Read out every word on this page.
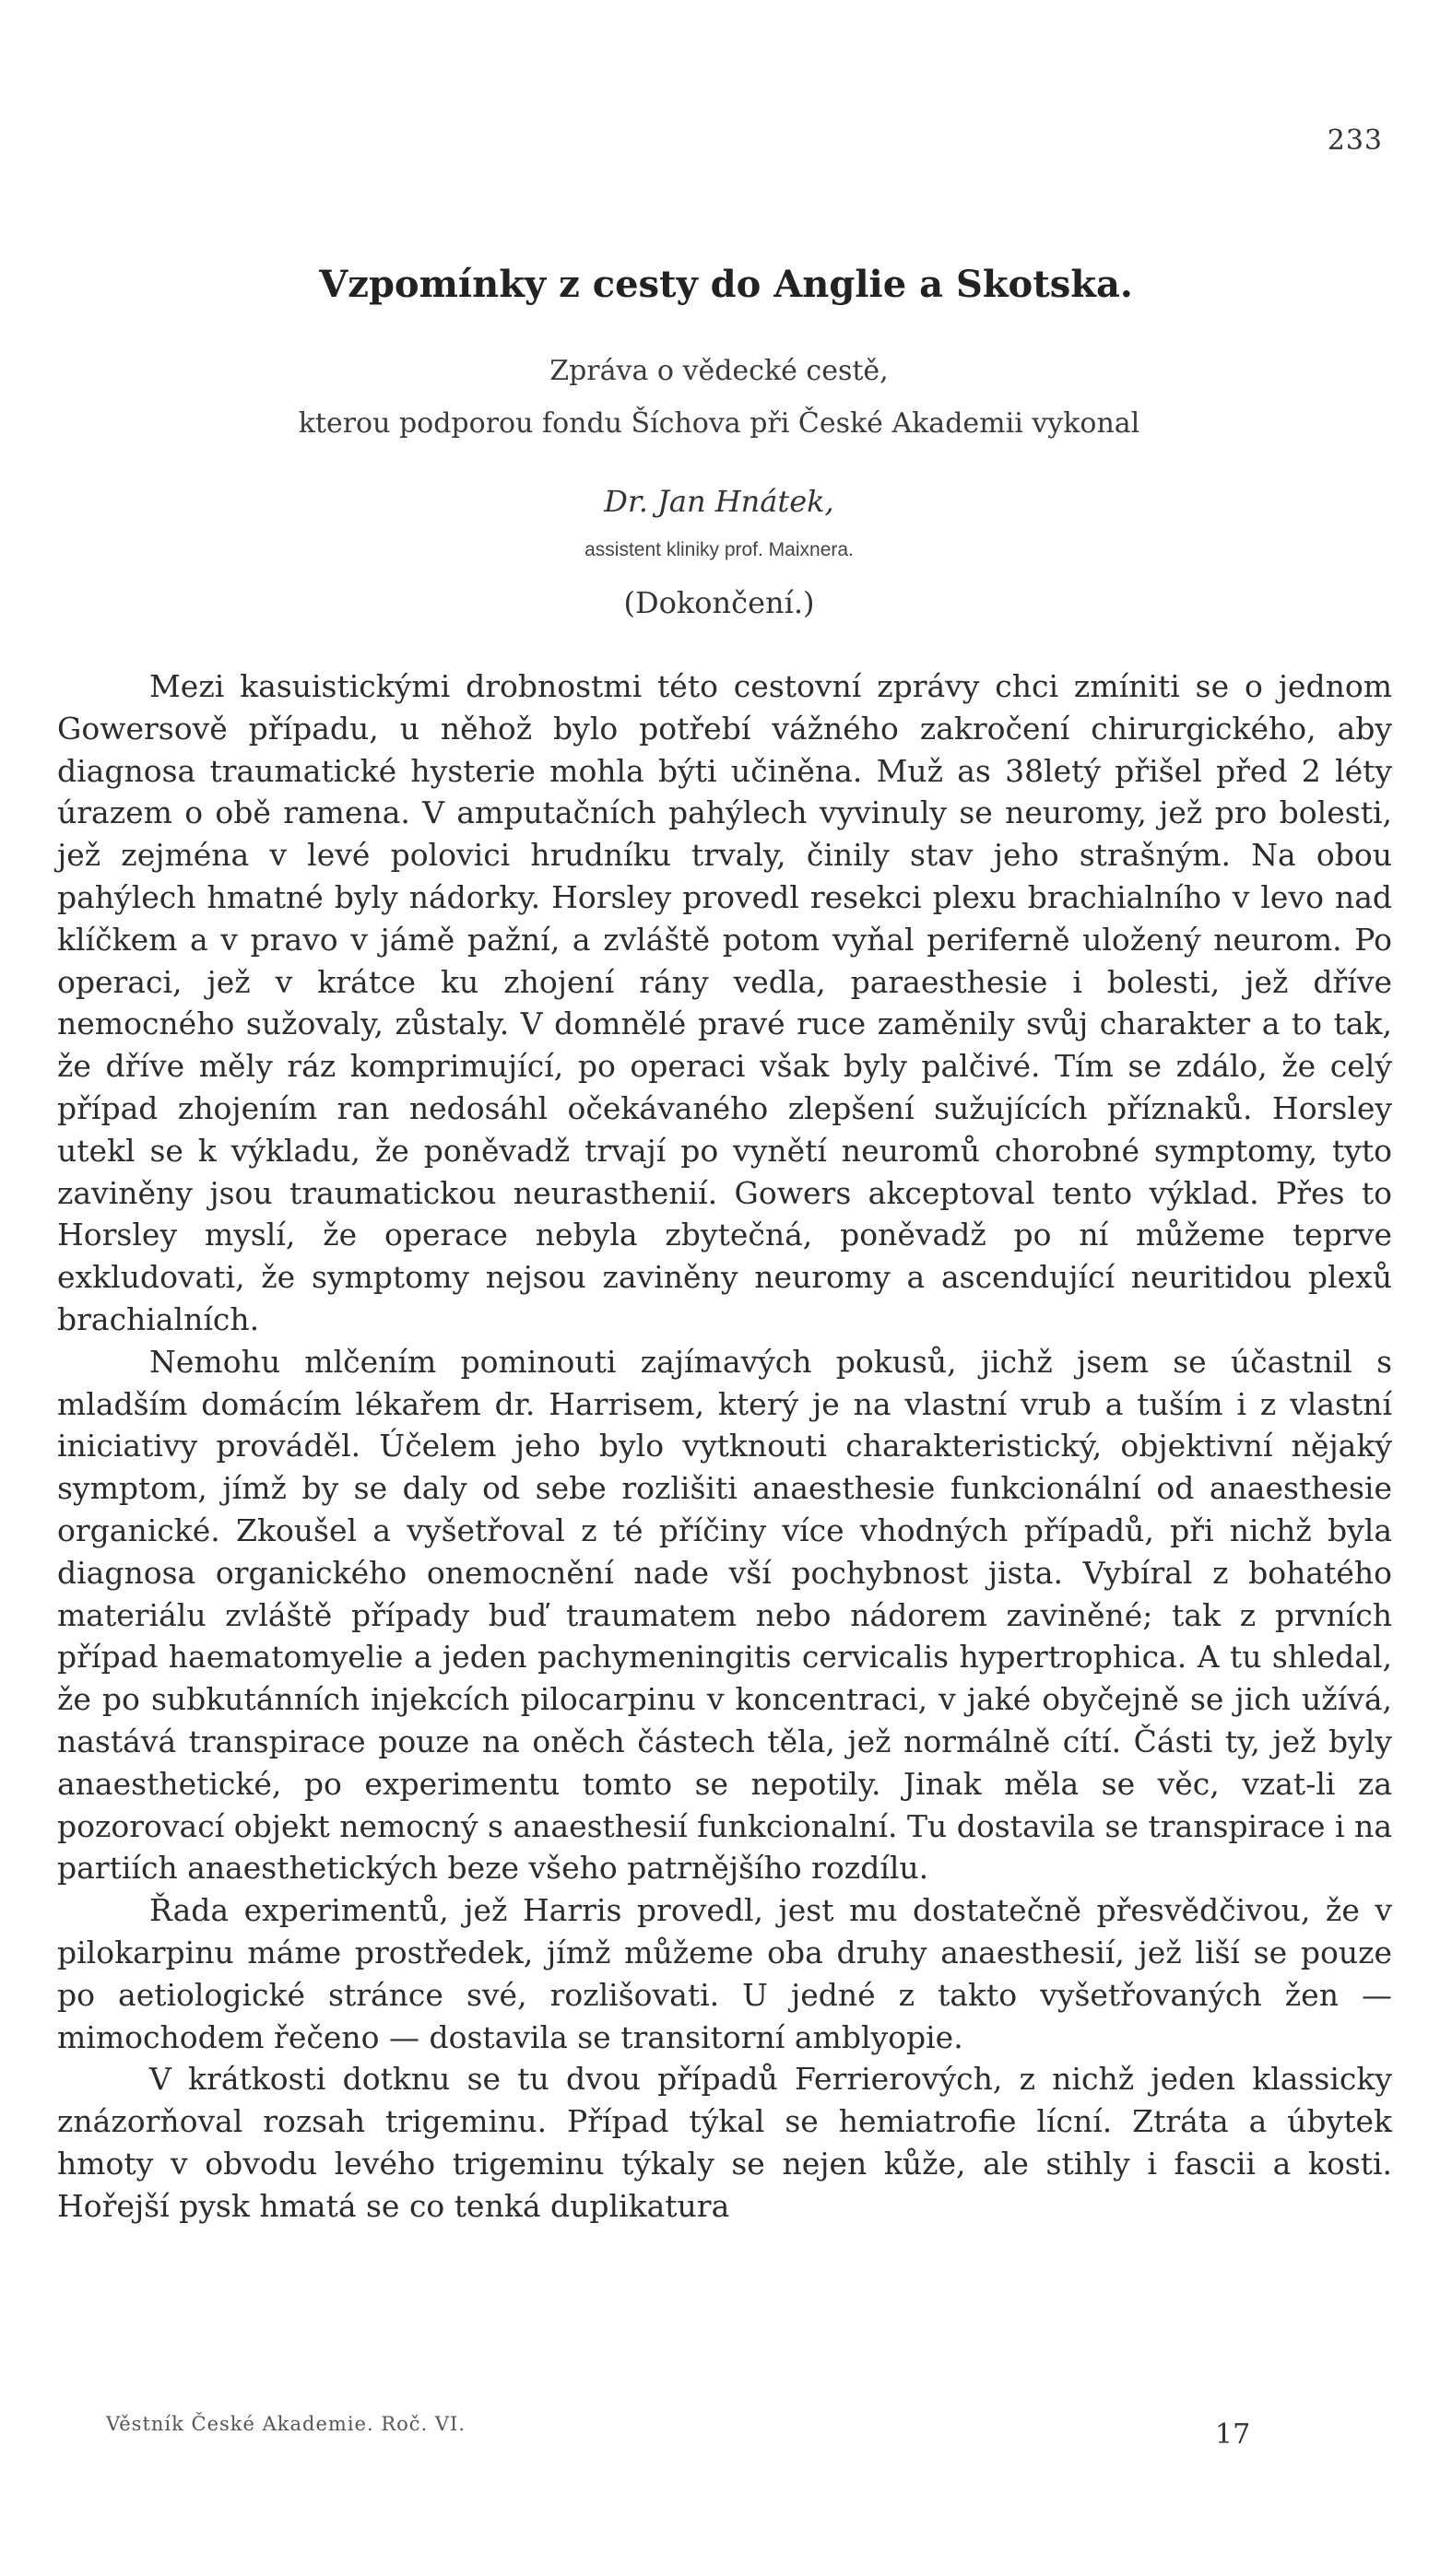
233
Vzpomínky z cesty do Anglie a Skotska.
Zpráva o vědecké cestě,
kterou podporou fondu Šíchova při České Akademii vykonal
Dr. Jan Hnátek,
assistent kliniky prof. Maixnera.
(Dokončení.)

Mezi kasuistickými drobnostmi této cestovní zprávy chci zmíniti se o jednom Gowersově případu, u něhož bylo potřebí vážného zakročení chirurgického, aby diagnosa traumatické hysterie mohla býti učiněna. Muž as 38letý přišel před 2 léty úrazem o obě ramena. V amputačních pahýlech vyvinuly se neuromy, jež pro bolesti, jež zejména v levé polovici hrudníku trvaly, činily stav jeho strašným. Na obou pahýlech hmatné byly nádorky. Horsley provedl resekci plexu brachialního v levo nad klíčkem a v pravo v jámě pažní, a zvláště potom vyňal periferně uložený neurom. Po operaci, jež v krátce ku zhojení rány vedla, paraesthesie i bolesti, jež dříve nemocného sužovaly, zůstaly. V domnělé pravé ruce zaměnily svůj charakter a to tak, že dříve měly ráz komprimující, po operaci však byly palčivé. Tím se zdálo, že celý případ zhojením ran nedosáhl očekávaného zlepšení sužujících příznaků. Horsley utekl se k výkladu, že poněvadž trvají po vynětí neuromů chorobné symptomy, tyto zaviněny jsou traumatickou neurasthenií. Gowers akceptoval tento výklad. Přes to Horsley myslí, že operace nebyla zbytečná, poněvadž po ní můžeme teprve exkludovati, že symptomy nejsou zaviněny neuromy a ascendující neuritidou plexů brachialních.

Nemohu mlčením pominouti zajímavých pokusů, jichž jsem se účastnil s mladším domácím lékařem dr. Harrisem, který je na vlastní vrub a tuším i z vlastní iniciativy prováděl. Účelem jeho bylo vytknouti charakteristický, objektivní nějaký symptom, jímž by se daly od sebe rozlišiti anaesthesie funkcionální od anaesthesie organické. Zkoušel a vyšetřoval z té příčiny více vhodných případů, při nichž byla diagnosa organického onemocnění nade vší pochybnost jista. Vybíral z bohatého materiálu zvláště případy buď traumatem nebo nádorem zaviněné; tak z prvních případ haematomyelie a jeden pachymeningitis cervicalis hypertrophica. A tu shledal, že po subkutánních injekcích pilocarpinu v koncentraci, v jaké obyčejně se jich užívá, nastává transpirace pouze na oněch částech těla, jež normálně cítí. Části ty, jež byly anaesthetické, po experimentu tomto se nepotily. Jinak měla se věc, vzat-li za pozorovací objekt nemocný s anaesthesií funkcionalní. Tu dostavila se transpirace i na partiích anaesthetických beze všeho patrnějšího rozdílu.

Řada experimentů, jež Harris provedl, jest mu dostatečně přesvědčivou, že v pilokarpinu máme prostředek, jímž můžeme oba druhy anaesthesií, jež liší se pouze po aetiologické stránce své, rozlišovati. U jedné z takto vyšetřovaných žen — mimochodem řečeno — dostavila se transitorní amblyopie.

V krátkosti dotknu se tu dvou případů Ferrierových, z nichž jeden klassicky znázorňoval rozsah trigeminu. Případ týkal se hemiatrofie lícní. Ztráta a úbytek hmoty v obvodu levého trigeminu týkaly se nejen kůže, ale stihly i fascii a kosti. Hořejší pysk hmatá se co tenká duplikatura

Věstník České Akademie. Roč. VI.	17
